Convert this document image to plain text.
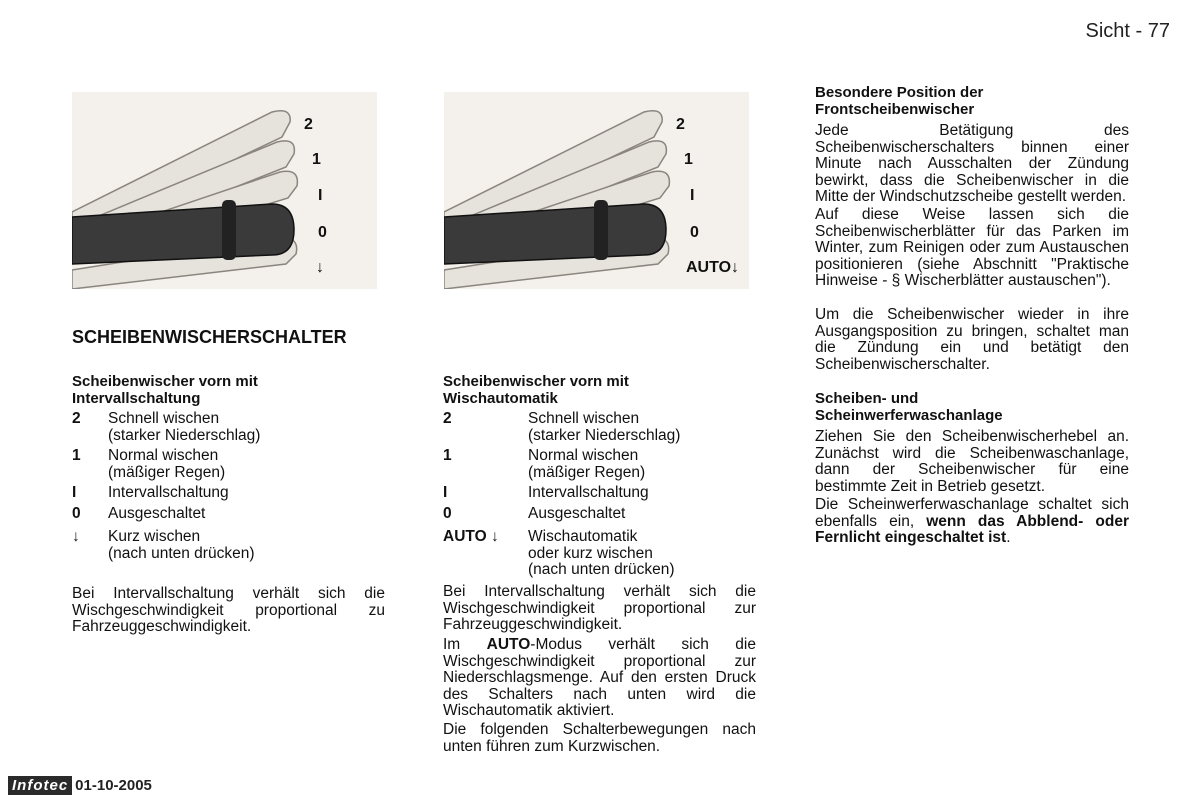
Sicht - 77
2
1
I
0
↓
2
1
I
0
AUTO↓
SCHEIBENWISCHERSCHALTER
Scheibenwischer vorn mit
Intervallschaltung
2 Schnell wischen
(starker Niederschlag)
1 Normal wischen
(mäßiger Regen)
I Intervallschaltung
0 Ausgeschaltet
↓ Kurz wischen
(nach unten drücken)
Bei Intervallschaltung verhält sich die Wischgeschwindigkeit proportional zu Fahrzeuggeschwindigkeit.
Scheibenwischer vorn mit
Wischautomatik
2	Schnell wischen
(starker Niederschlag)
1	Normal wischen
(mäßiger Regen)
I	Intervallschaltung
0	Ausgeschaltet
AUTO ↓ Wischautomatik
oder kurz wischen
(nach unten drücken)
Bei Intervallschaltung verhält sich die Wischgeschwindigkeit proportional zur Fahrzeuggeschwindigkeit.
Im AUTO-Modus verhält sich die Wischgeschwindigkeit proportional zur Niederschlagsmenge. Auf den ersten Druck des Schalters nach unten wird die Wischautomatik aktiviert.
Die folgenden Schalterbewegungen nach unten führen zum Kurzwischen.
Besondere Position der
Frontscheibenwischer
Jede Betätigung des Scheibenwischerschalters binnen einer Minute nach Ausschalten der Zündung bewirkt, dass die Scheibenwischer in die Mitte der Windschutzscheibe gestellt werden.
Auf diese Weise lassen sich die Scheibenwischerblätter für das Parken im Winter, zum Reinigen oder zum Austauschen positionieren (siehe Abschnitt "Praktische Hinweise - § Wischerblätter austauschen").
Um die Scheibenwischer wieder in ihre Ausgangsposition zu bringen, schaltet man die Zündung ein und betätigt den Scheibenwischerschalter.
Scheiben- und
Scheinwerferwaschanlage
Ziehen Sie den Scheibenwischerhebel an. Zunächst wird die Scheibenwaschanlage, dann der Scheibenwischer für eine bestimmte Zeit in Betrieb gesetzt.
Die Scheinwerferwaschanlage schaltet sich ebenfalls ein, wenn das Abblend- oder Fernlicht eingeschaltet ist.
Infotec 01-10-2005
